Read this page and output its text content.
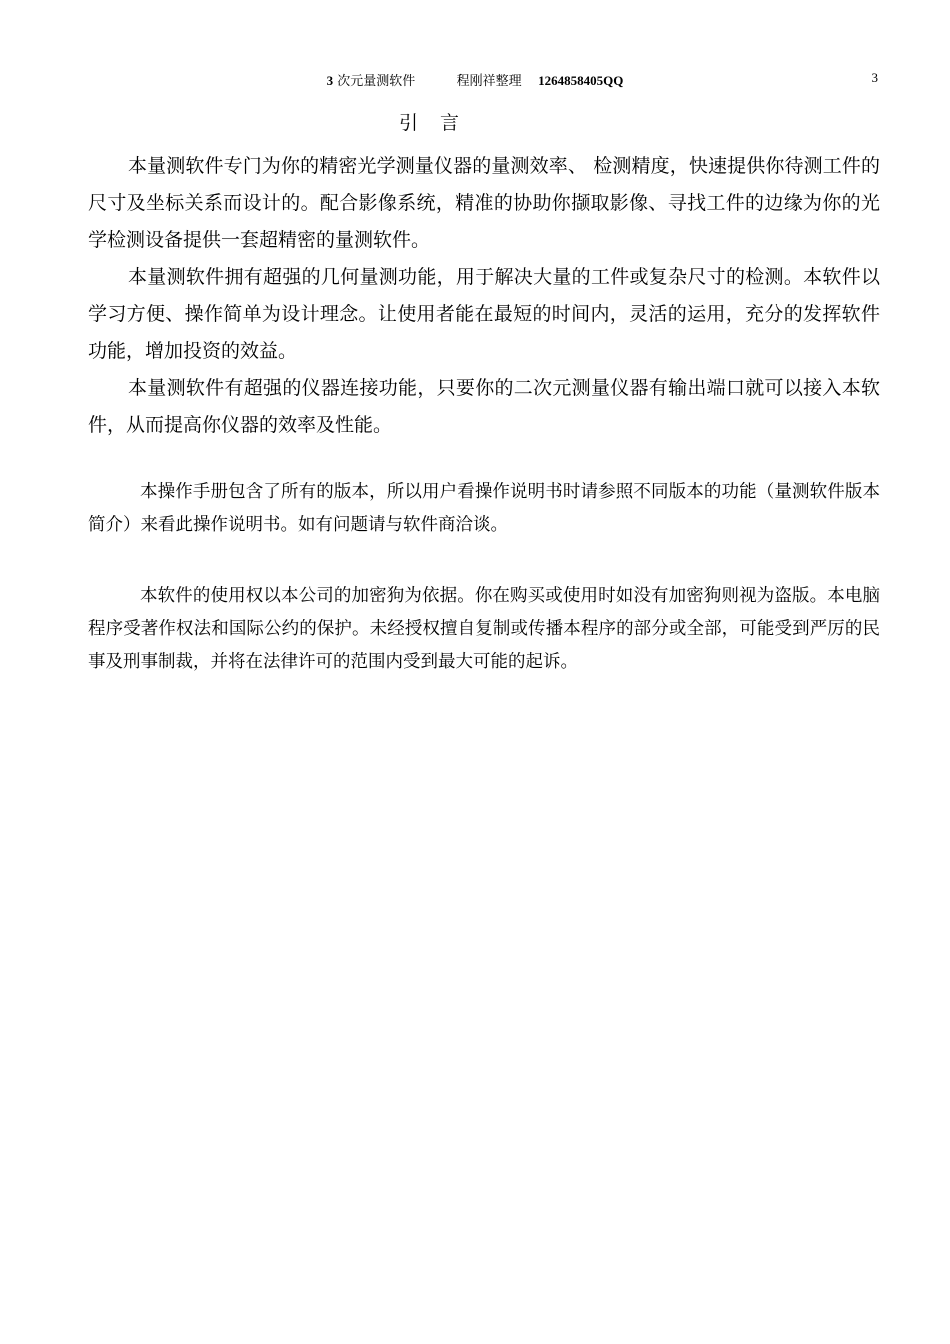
3 次元量测软件	程刚祥整理 1264858405QQ	3
引言

本量测软件专门为你的精密光学测量仪器的量测效率、 检测精度，快速提供你待测工件的尺寸及坐标关系而设计的。配合影像系统，精准的协助你撷取影像、寻找工件的边缘为你的光学检测设备提供一套超精密的量测软件。

本量测软件拥有超强的几何量测功能，用于解决大量的工件或复杂尺寸的检测。本软件以学习方便、操作简单为设计理念。让使用者能在最短的时间内，灵活的运用，充分的发挥软件功能，增加投资的效益。

本量测软件有超强的仪器连接功能，只要你的二次元测量仪器有输出端口就可以接入本软件，从而提高你仪器的效率及性能。

本操作手册包含了所有的版本，所以用户看操作说明书时请参照不同版本的功能（量测软件版本简介）来看此操作说明书。如有问题请与软件商洽谈。

本软件的使用权以本公司的加密狗为依据。你在购买或使用时如没有加密狗则视为盗版。本电脑程序受著作权法和国际公约的保护。未经授权擅自复制或传播本程序的部分或全部，可能受到严厉的民事及刑事制裁，并将在法律许可的范围内受到最大可能的起诉。
